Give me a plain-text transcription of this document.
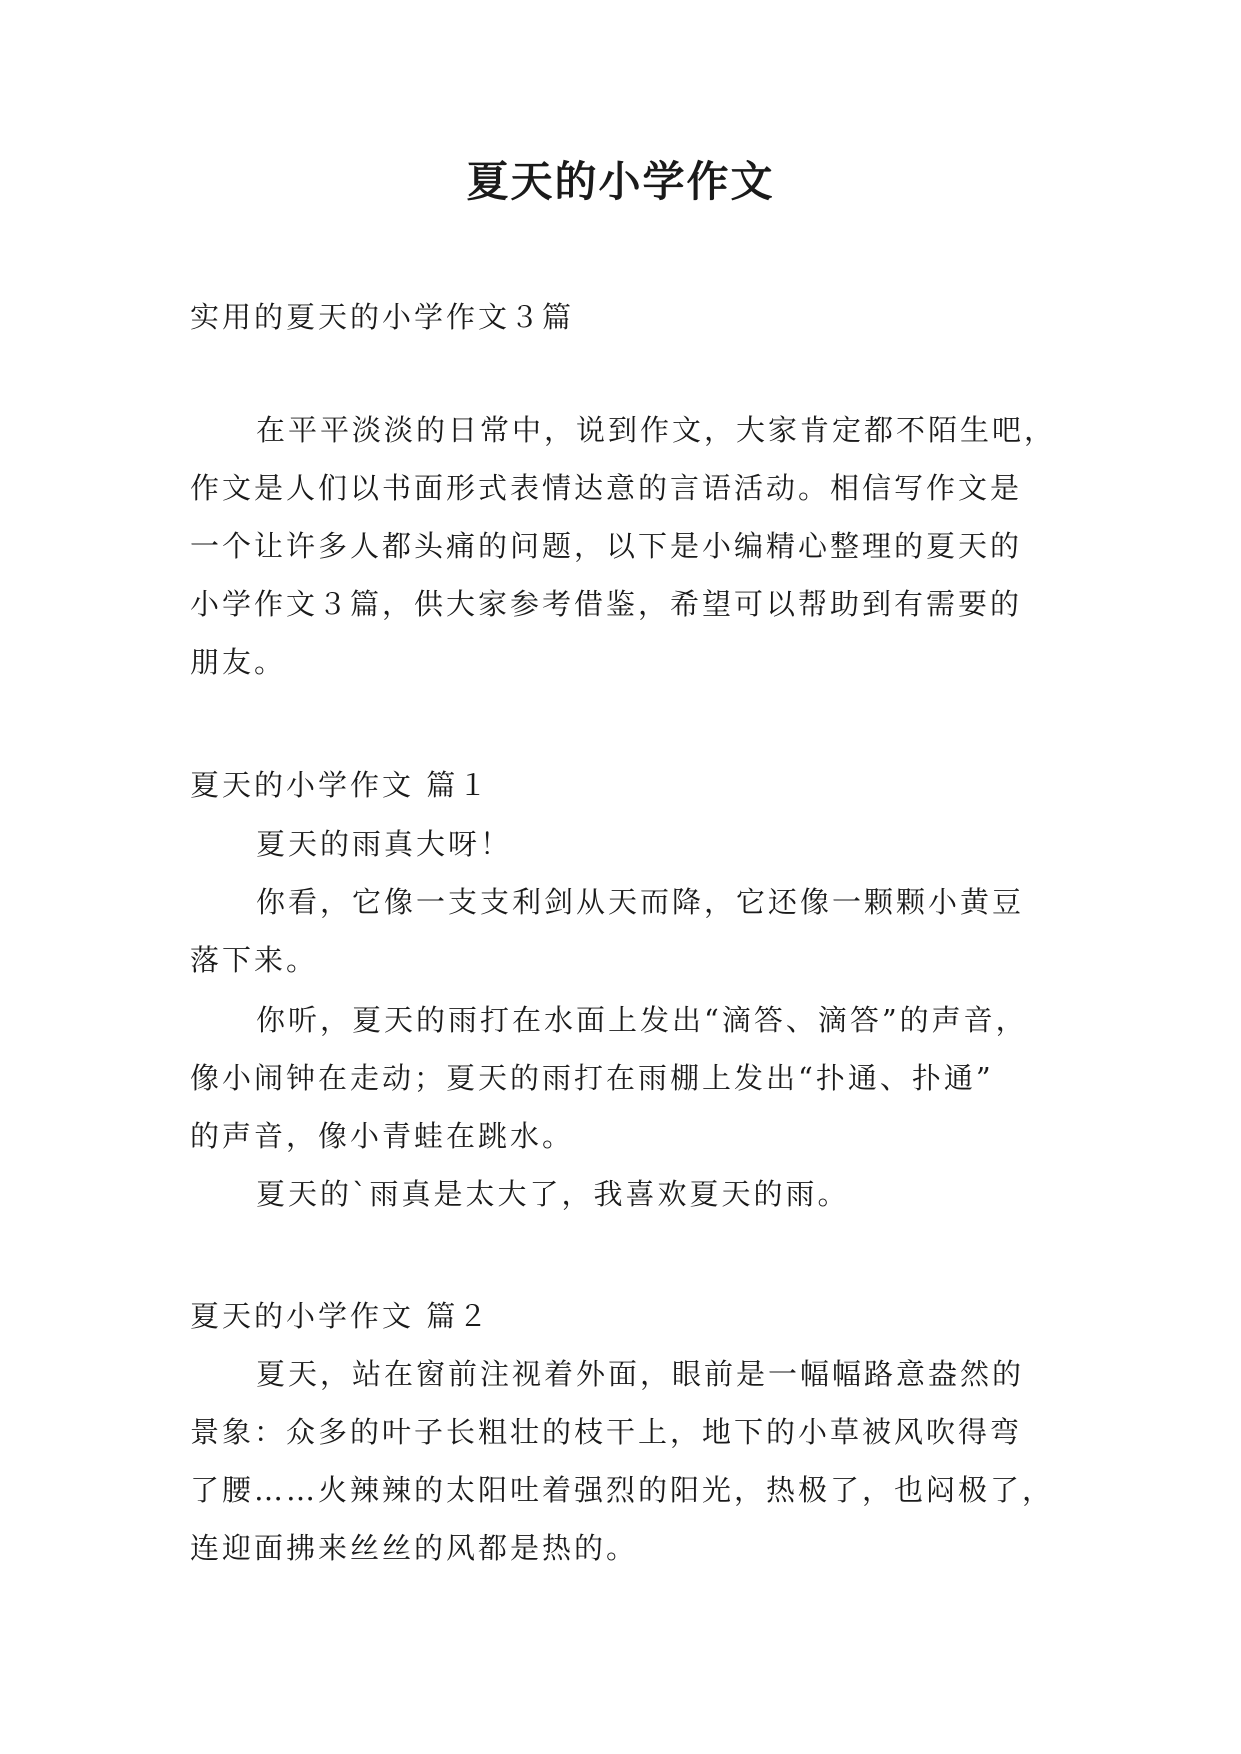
夏天的小学作文
实用的夏天的小学作文３篇
在平平淡淡的日常中，说到作文，大家肯定都不陌生吧，
作文是人们以书面形式表情达意的言语活动。相信写作文是
一个让许多人都头痛的问题，以下是小编精心整理的夏天的
小学作文３篇，供大家参考借鉴，希望可以帮助到有需要的
朋友。
夏天的小学作文 篇１
夏天的雨真大呀！
你看，它像一支支利剑从天而降，它还像一颗颗小黄豆
落下来。
你听，夏天的雨打在水面上发出“滴答、滴答”的声音，
像小闹钟在走动；夏天的雨打在雨棚上发出“扑通、扑通”
的声音，像小青蛙在跳水。
夏天的`雨真是太大了，我喜欢夏天的雨。
夏天的小学作文 篇２
夏天，站在窗前注视着外面，眼前是一幅幅路意盎然的
景象：众多的叶子长粗壮的枝干上，地下的小草被风吹得弯
了腰……火辣辣的太阳吐着强烈的阳光，热极了，也闷极了，
连迎面拂来丝丝的风都是热的。
